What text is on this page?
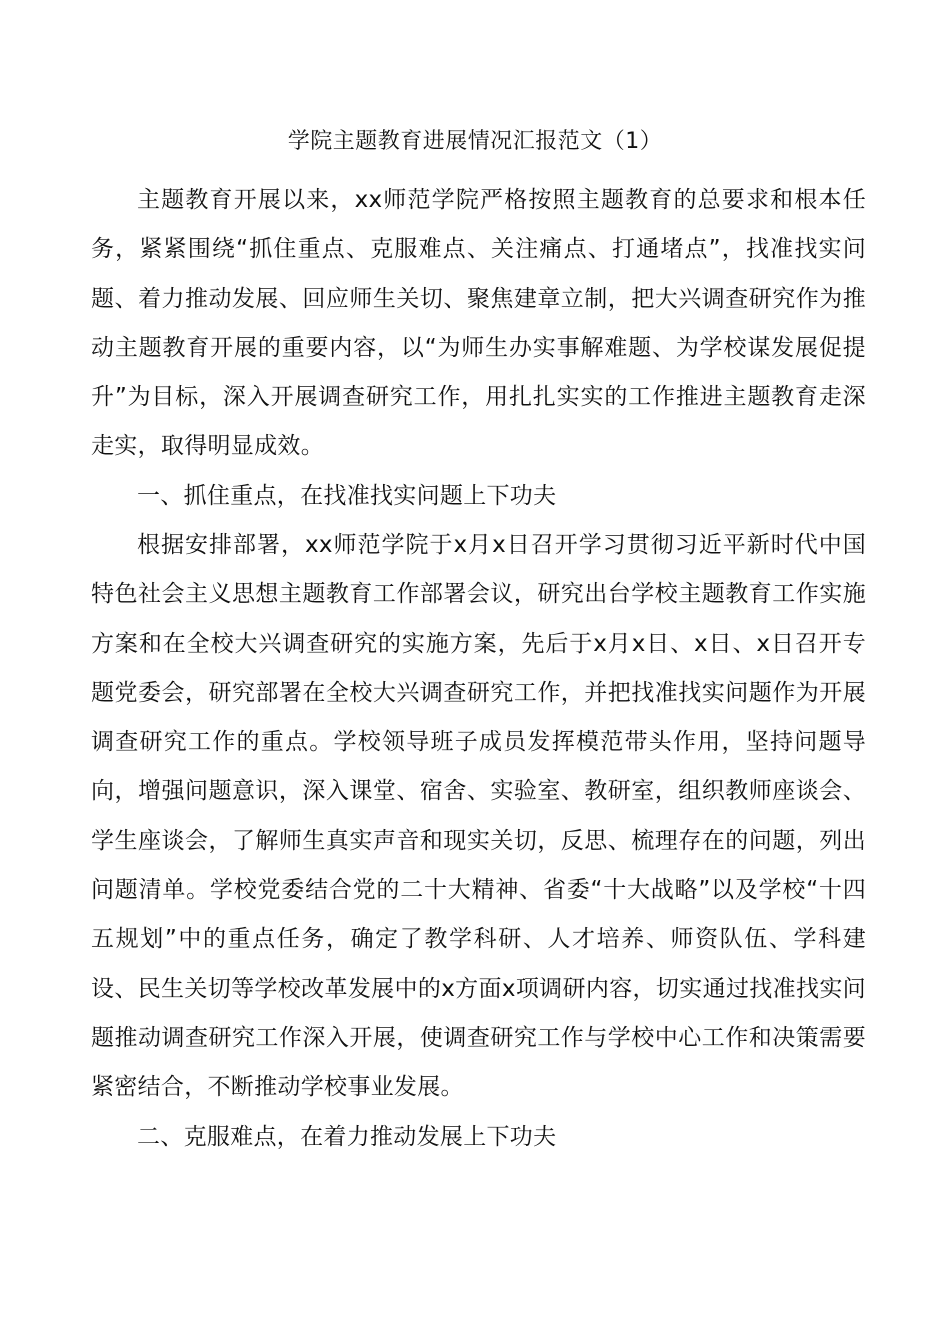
学院主题教育进展情况汇报范文（1）

主题教育开展以来，xx师范学院严格按照主题教育的总要求和根本任务，紧紧围绕“抓住重点、克服难点、关注痛点、打通堵点”，找准找实问题、着力推动发展、回应师生关切、聚焦建章立制，把大兴调查研究作为推动主题教育开展的重要内容，以“为师生办实事解难题、为学校谋发展促提升”为目标，深入开展调查研究工作，用扎扎实实的工作推进主题教育走深走实，取得明显成效。

一、抓住重点，在找准找实问题上下功夫

根据安排部署，xx师范学院于x月x日召开学习贯彻习近平新时代中国特色社会主义思想主题教育工作部署会议，研究出台学校主题教育工作实施方案和在全校大兴调查研究的实施方案，先后于x月x日、x日、x日召开专题党委会，研究部署在全校大兴调查研究工作，并把找准找实问题作为开展调查研究工作的重点。学校领导班子成员发挥模范带头作用，坚持问题导向，增强问题意识，深入课堂、宿舍、实验室、教研室，组织教师座谈会、学生座谈会，了解师生真实声音和现实关切，反思、梳理存在的问题，列出问题清单。学校党委结合党的二十大精神、省委“十大战略”以及学校“十四五规划”中的重点任务，确定了教学科研、人才培养、师资队伍、学科建设、民生关切等学校改革发展中的x方面x项调研内容，切实通过找准找实问题推动调查研究工作深入开展，使调查研究工作与学校中心工作和决策需要紧密结合，不断推动学校事业发展。

二、克服难点，在着力推动发展上下功夫
